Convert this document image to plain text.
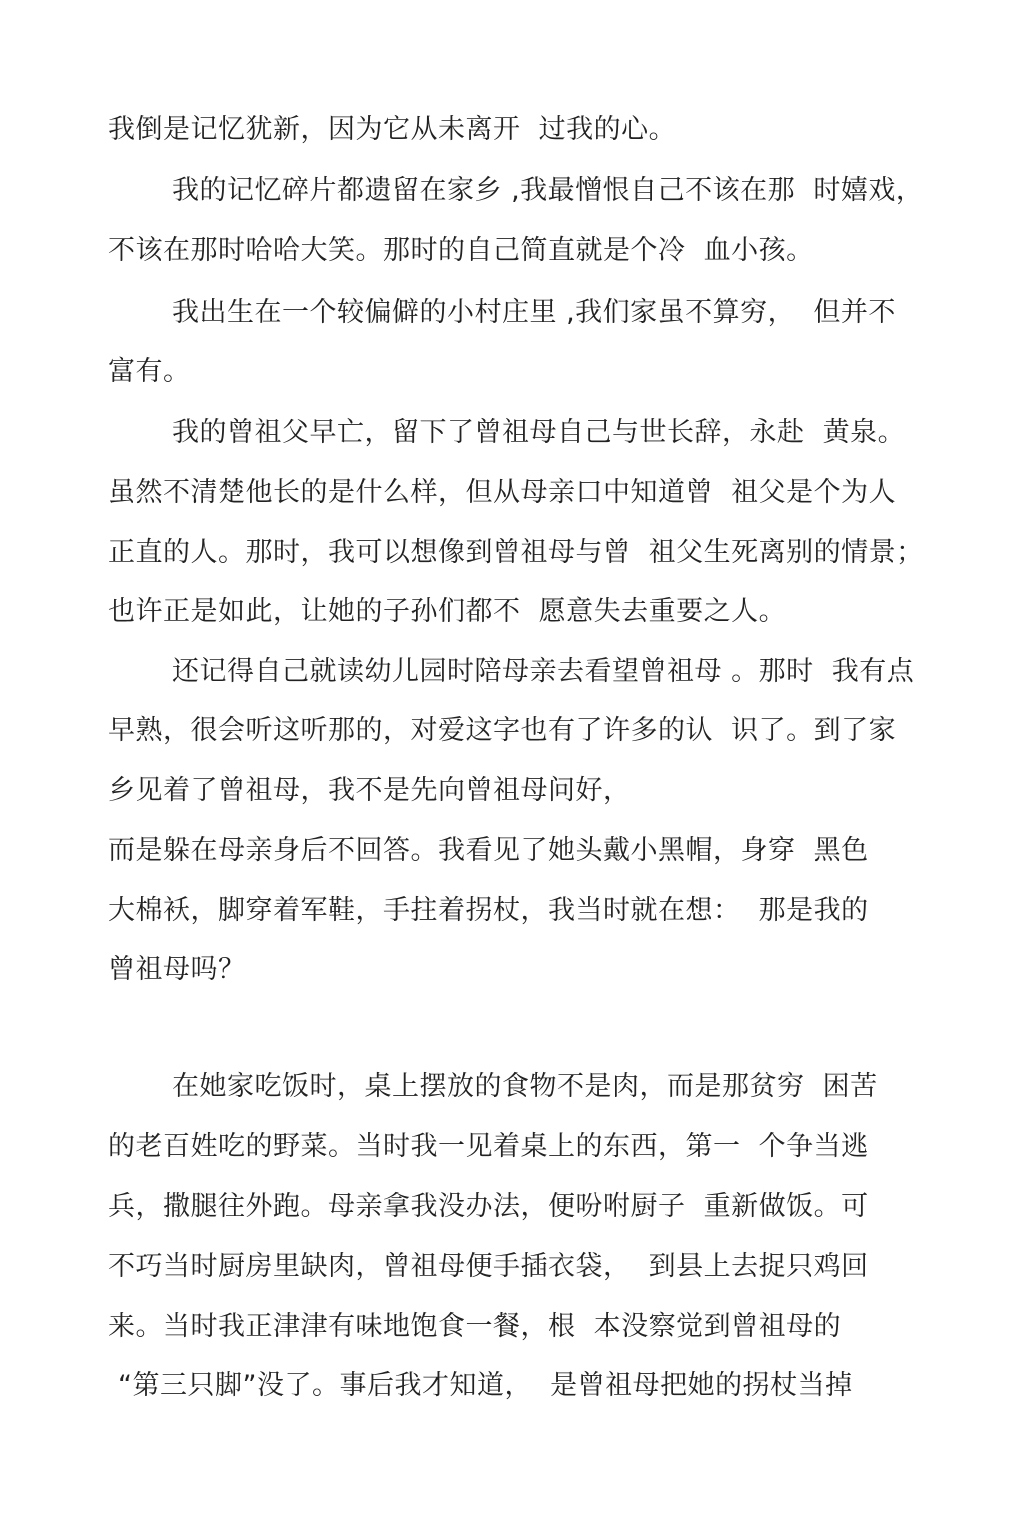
我倒是记忆犹新，因为它从未离开  过我的心。
我的记忆碎片都遗留在家乡 ,我最憎恨自己不该在那  时嬉戏，
不该在那时哈哈大笑。那时的自己简直就是个冷  血小孩。
我出生在一个较偏僻的小村庄里 ,我们家虽不算穷，  但并不
富有。
我的曾祖父早亡，留下了曾祖母自己与世长辞，永赴  黄泉。
虽然不清楚他长的是什么样，但从母亲口中知道曾  祖父是个为人
正直的人。那时，我可以想像到曾祖母与曾  祖父生死离别的情景；
也许正是如此，让她的子孙们都不  愿意失去重要之人。
还记得自己就读幼儿园时陪母亲去看望曾祖母 。那时  我有点
早熟，很会听这听那的，对爱这字也有了许多的认  识了。到了家
乡见着了曾祖母，我不是先向曾祖母问好，
而是躲在母亲身后不回答。我看见了她头戴小黑帽，身穿  黑色
大棉袄，脚穿着军鞋，手拄着拐杖，我当时就在想：  那是我的
曾祖母吗？
在她家吃饭时，桌上摆放的食物不是肉，而是那贫穷  困苦
的老百姓吃的野菜。当时我一见着桌上的东西，第一  个争当逃
兵，撒腿往外跑。母亲拿我没办法，便吩咐厨子  重新做饭。可
不巧当时厨房里缺肉，曾祖母便手插衣袋，  到县上去捉只鸡回
来。当时我正津津有味地饱食一餐，根  本没察觉到曾祖母的
“第三只脚”没了。事后我才知道，  是曾祖母把她的拐杖当掉
